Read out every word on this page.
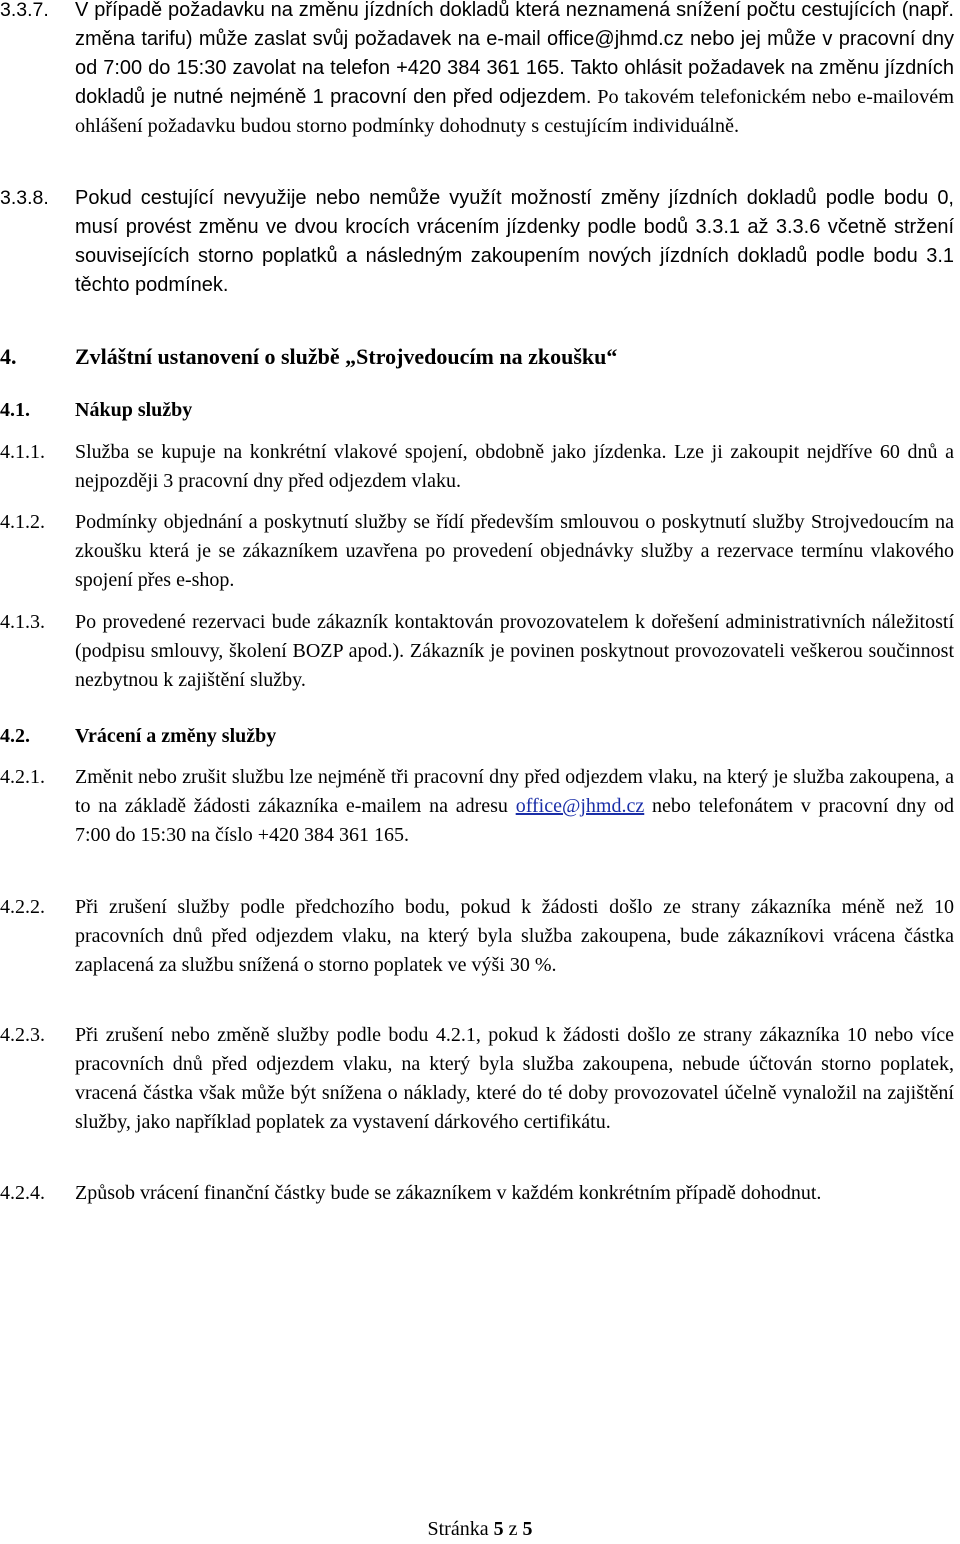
3.3.7.	V případě požadavku na změnu jízdních dokladů která neznamená snížení počtu cestujících (např. změna tarifu) může zaslat svůj požadavek na e-mail office@jhmd.cz nebo jej může v pracovní dny od 7:00 do 15:30 zavolat na telefon +420 384 361 165. Takto ohlásit požadavek na změnu jízdních dokladů je nutné nejméně 1 pracovní den před odjezdem. Po takovém telefonickém nebo e-mailovém ohlášení požadavku budou storno podmínky dohodnuty s cestujícím individuálně.
3.3.8.	Pokud cestující nevyužije nebo nemůže využít možností změny jízdních dokladů podle bodu 0, musí provést změnu ve dvou krocích vrácením jízdenky podle bodů 3.3.1 až 3.3.6 včetně stržení souvisejících storno poplatků a následným zakoupením nových jízdních dokladů podle bodu 3.1 těchto podmínek.
4.	Zvláštní ustanovení o službě „Strojvedoucím na zkoušku“
4.1.	Nákup služby
4.1.1.	Služba se kupuje na konkrétní vlakové spojení, obdobně jako jízdenka. Lze ji zakoupit nejdříve 60 dnů a nejpozději 3 pracovní dny před odjezdem vlaku.
4.1.2.	Podmínky objednání a poskytnutí služby se řídí především smlouvou o poskytnutí služby Strojvedoucím na zkoušku která je se zákazníkem uzavřena po provedení objednávky služby a rezervace termínu vlakového spojení přes e-shop.
4.1.3.	Po provedené rezervaci bude zákazník kontaktován provozovatelem k dořešení administrativních náležitostí (podpisu smlouvy, školení BOZP apod.). Zákazník je povinen poskytnout provozovateli veškerou součinnost nezbytnou k zajištění služby.
4.2.	Vrácení a změny služby
4.2.1.	Změnit nebo zrušit službu lze nejméně tři pracovní dny před odjezdem vlaku, na který je služba zakoupena, a to na základě žádosti zákazníka e-mailem na adresu office@jhmd.cz nebo telefonátem v pracovní dny od 7:00 do 15:30 na číslo +420 384 361 165.
4.2.2.	Při zrušení služby podle předchozího bodu, pokud k žádosti došlo ze strany zákazníka méně než 10 pracovních dnů před odjezdem vlaku, na který byla služba zakoupena, bude zákazníkovi vrácena částka zaplacená za službu snížená o storno poplatek ve výši 30 %.
4.2.3.	Při zrušení nebo změně služby podle bodu 4.2.1, pokud k žádosti došlo ze strany zákazníka 10 nebo více pracovních dnů před odjezdem vlaku, na který byla služba zakoupena, nebude účtován storno poplatek, vracená částka však může být snížena o náklady, které do té doby provozovatel účelně vynaložil na zajištění služby, jako například poplatek za vystavení dárkového certifikátu.
4.2.4.	Způsob vrácení finanční částky bude se zákazníkem v každém konkrétním případě dohodnut.
Stránka 5 z 5
